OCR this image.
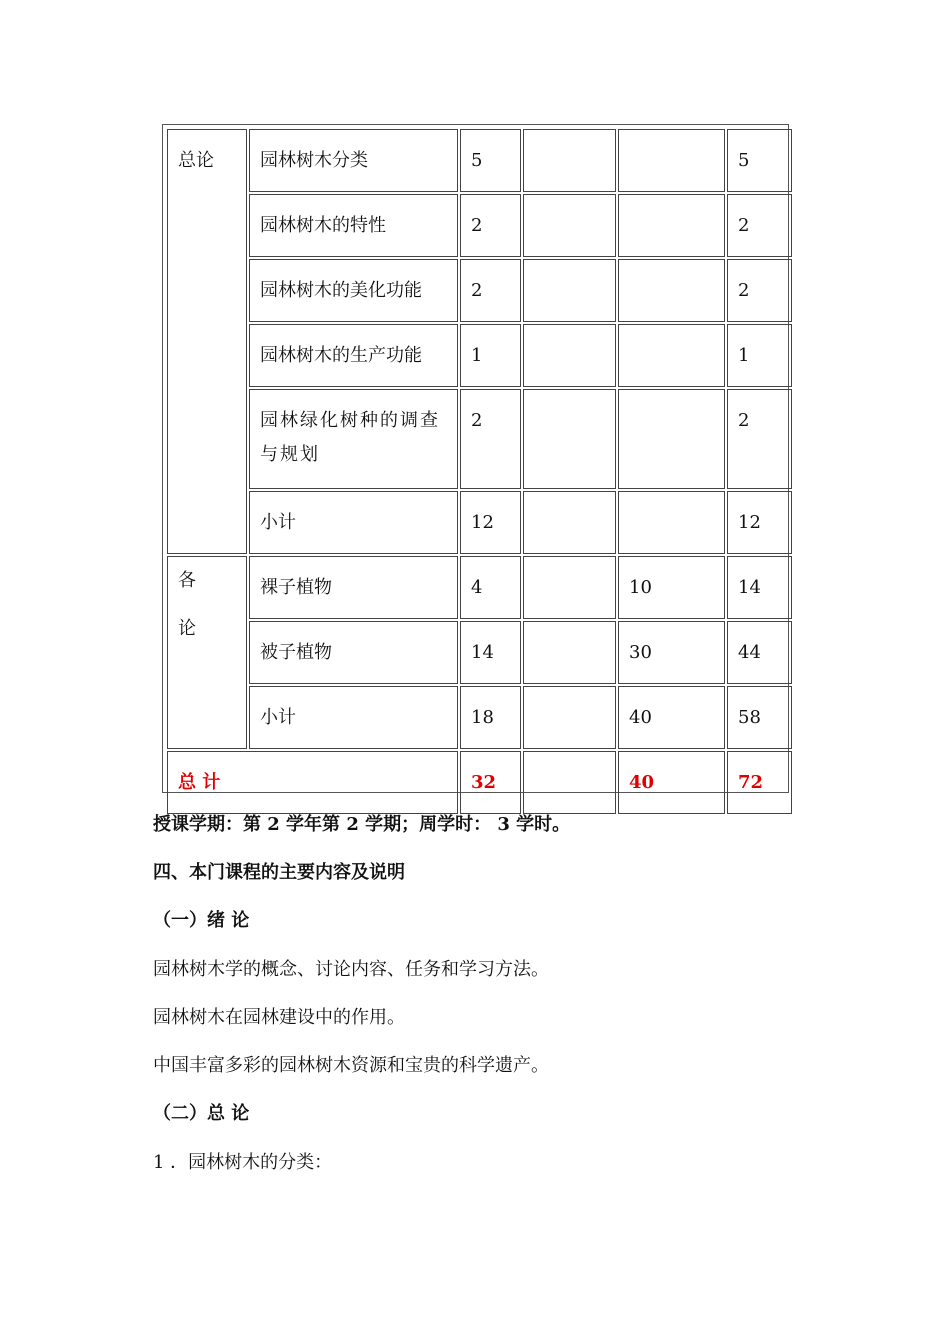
总论	园林树木分类	5			5
	园林树木的特性	2			2
	园林树木的美化功能	2			2
	园林树木的生产功能	1			1
	园林绿化树种的调查与规划	2			2
	小计	12			12

各
论	裸子植物	4		10	14
	被子植物	14		30	44
	小计	18		40	58
总 计		32		40	72

授课学期：第 2 学年第 2 学期；周学时： 3 学时。

四、本门课程的主要内容及说明

（一）绪 论

园林树木学的概念、讨论内容、任务和学习方法。

园林树木在园林建设中的作用。

中国丰富多彩的园林树木资源和宝贵的科学遗产。

（二）总 论

1 ．园林树木的分类：
